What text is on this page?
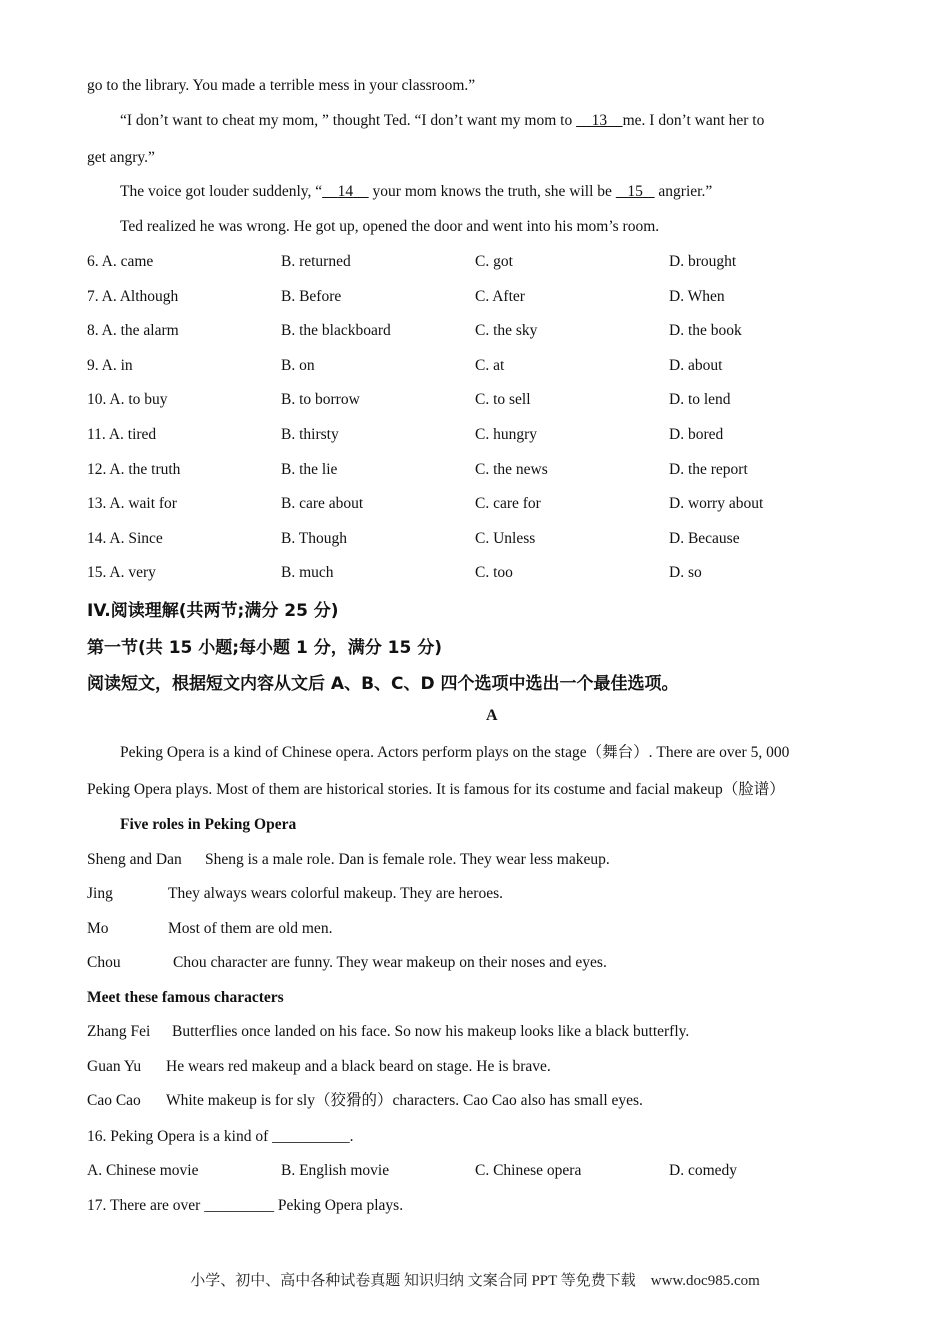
go to the library. You made a terrible mess in your classroom.”
“I don’t want to cheat my mom, ” thought Ted. “I don’t want my mom to     13 me. I don’t want her to
get angry.”
The voice got louder suddenly, “ 14     your mom knows the truth, she will be    15    angrier.”
Ted realized he was wrong. He got up, opened the door and went into his mom’s room.
6. A. came	B. returned	C. got	D. brought
7. A. Although	B. Before	C. After	D. When
8. A. the alarm	B. the blackboard	C. the sky	D. the book
9. A. in	B. on	C. at	D. about
10. A. to buy	B. to borrow	C. to sell	D. to lend
11. A. tired	B. thirsty	C. hungry	D. bored
12. A. the truth	B. the lie	C. the news	D. the report
13. A. wait for	B. care about	C. care for	D. worry about
14. A. Since	B. Though	C. Unless	D. Because
15. A. very	B. much	C. too	D. so
IV.阅读理解(共两节;满分 25 分)
第一节(共 15 小题;每小题 1 分，满分 15 分)
阅读短文，根据短文内容从文后 A、B、C、D 四个选项中选出一个最佳选项。
A
Peking Opera is a kind of Chinese opera. Actors perform plays on the stage（舞台）. There are over 5, 000
Peking Opera plays. Most of them are historical stories. It is famous for its costume and facial makeup（脸谱）
Five roles in Peking Opera
Sheng and Dan Sheng is a male role. Dan is female role. They wear less makeup.
Jing	They always wears colorful makeup. They are heroes.
Mo	Most of them are old men.
Chou	Chou character are funny. They wear makeup on their noses and eyes.
Meet these famous characters
Zhang Fei Butterflies once landed on his face. So now his makeup looks like a black butterfly.
Guan Yu He wears red makeup and a black beard on stage. He is brave.
Cao Cao White makeup is for sly（狡猾的）characters. Cao Cao also has small eyes.
16. Peking Opera is a kind of __________.
A. Chinese movie	B. English movie	C. Chinese opera	D. comedy
17. There are over _________ Peking Opera plays.
小学、初中、高中各种试卷真题 知识归纳 文案合同 PPT 等免费下载　www.doc985.com
